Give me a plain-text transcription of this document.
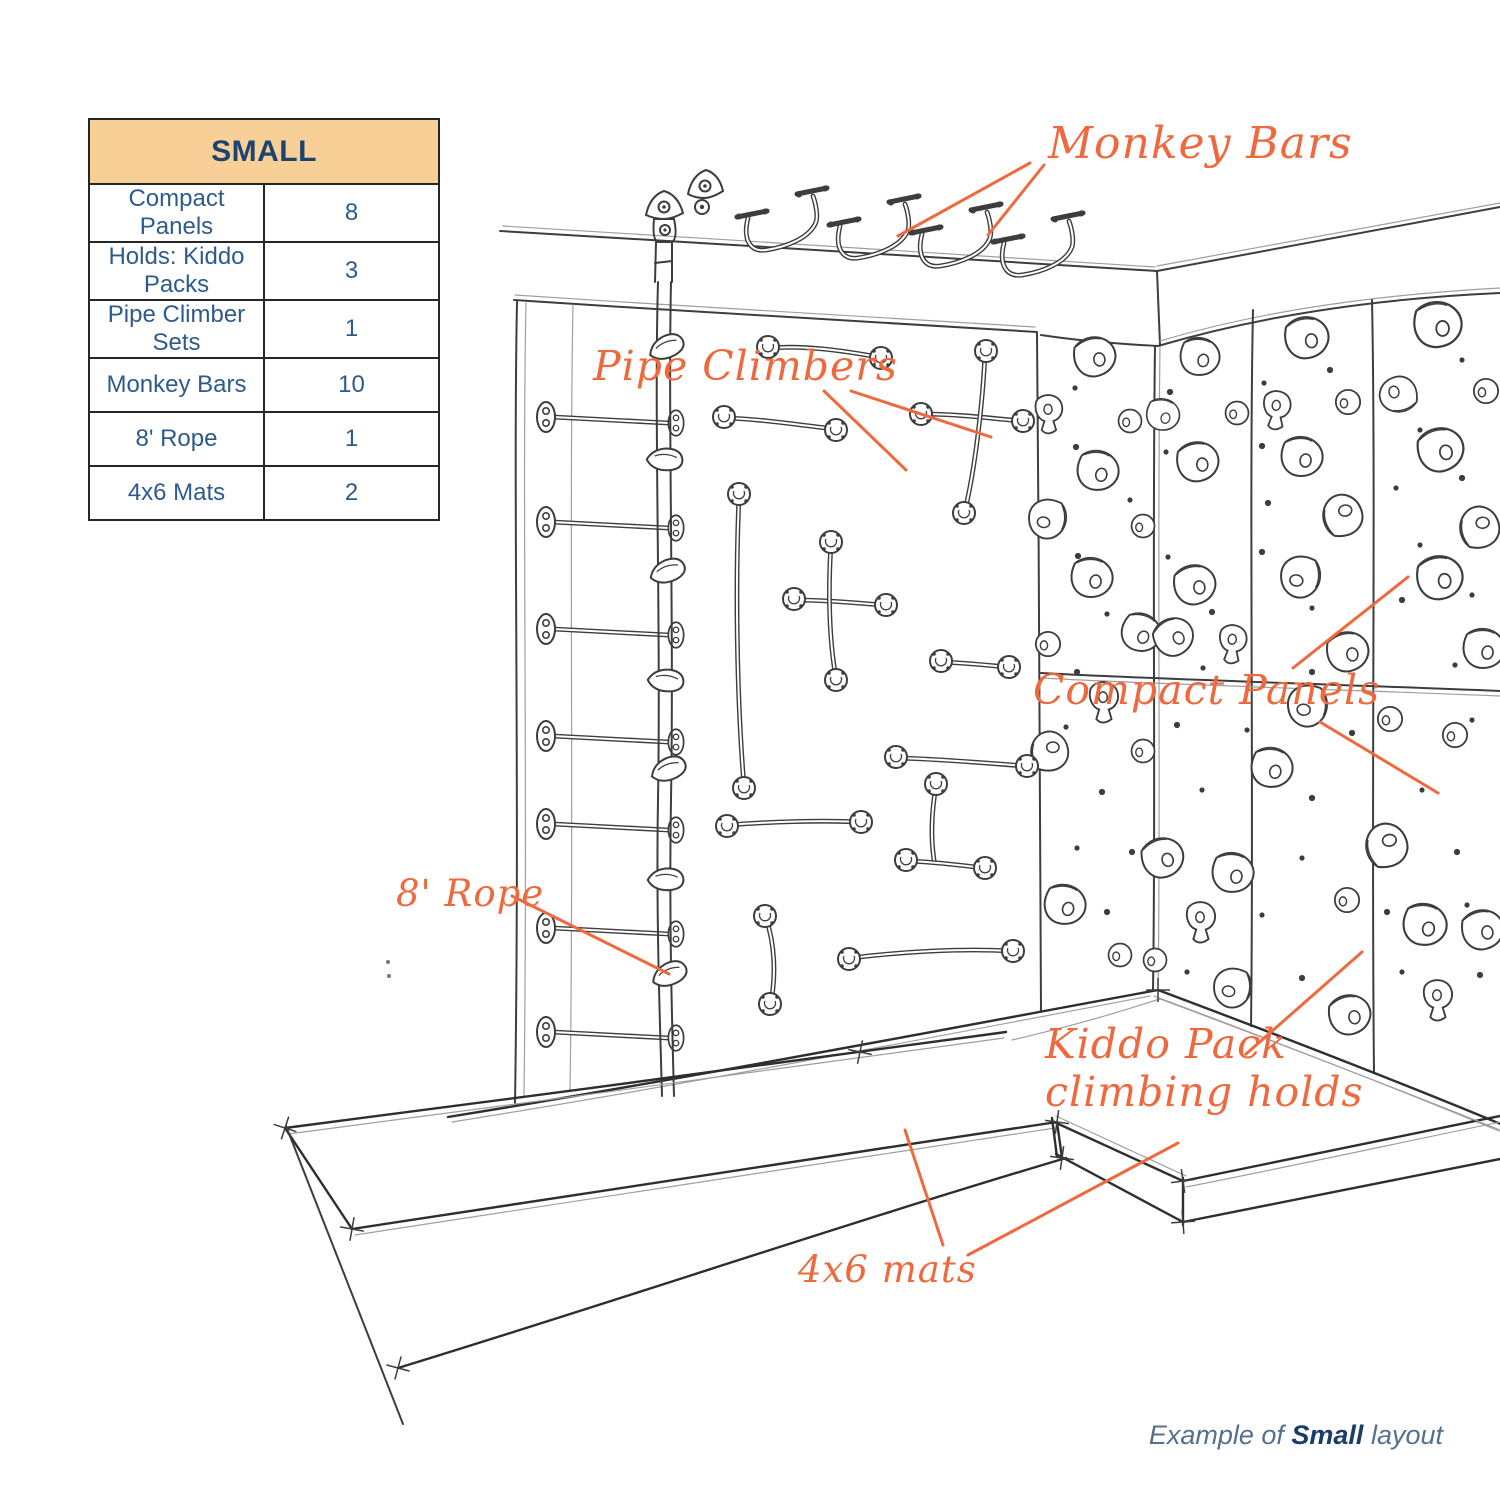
SMALL	
Compact Panels	8
Holds: Kiddo Packs	3
Pipe Climber Sets	1
Monkey Bars	10
8' Rope	1
4x6 Mats	2
Monkey Bars
Pipe Climbers
Compact Panels
8' Rope
Kiddo Pack
climbing holds
4x6 mats
Example of Small layout
